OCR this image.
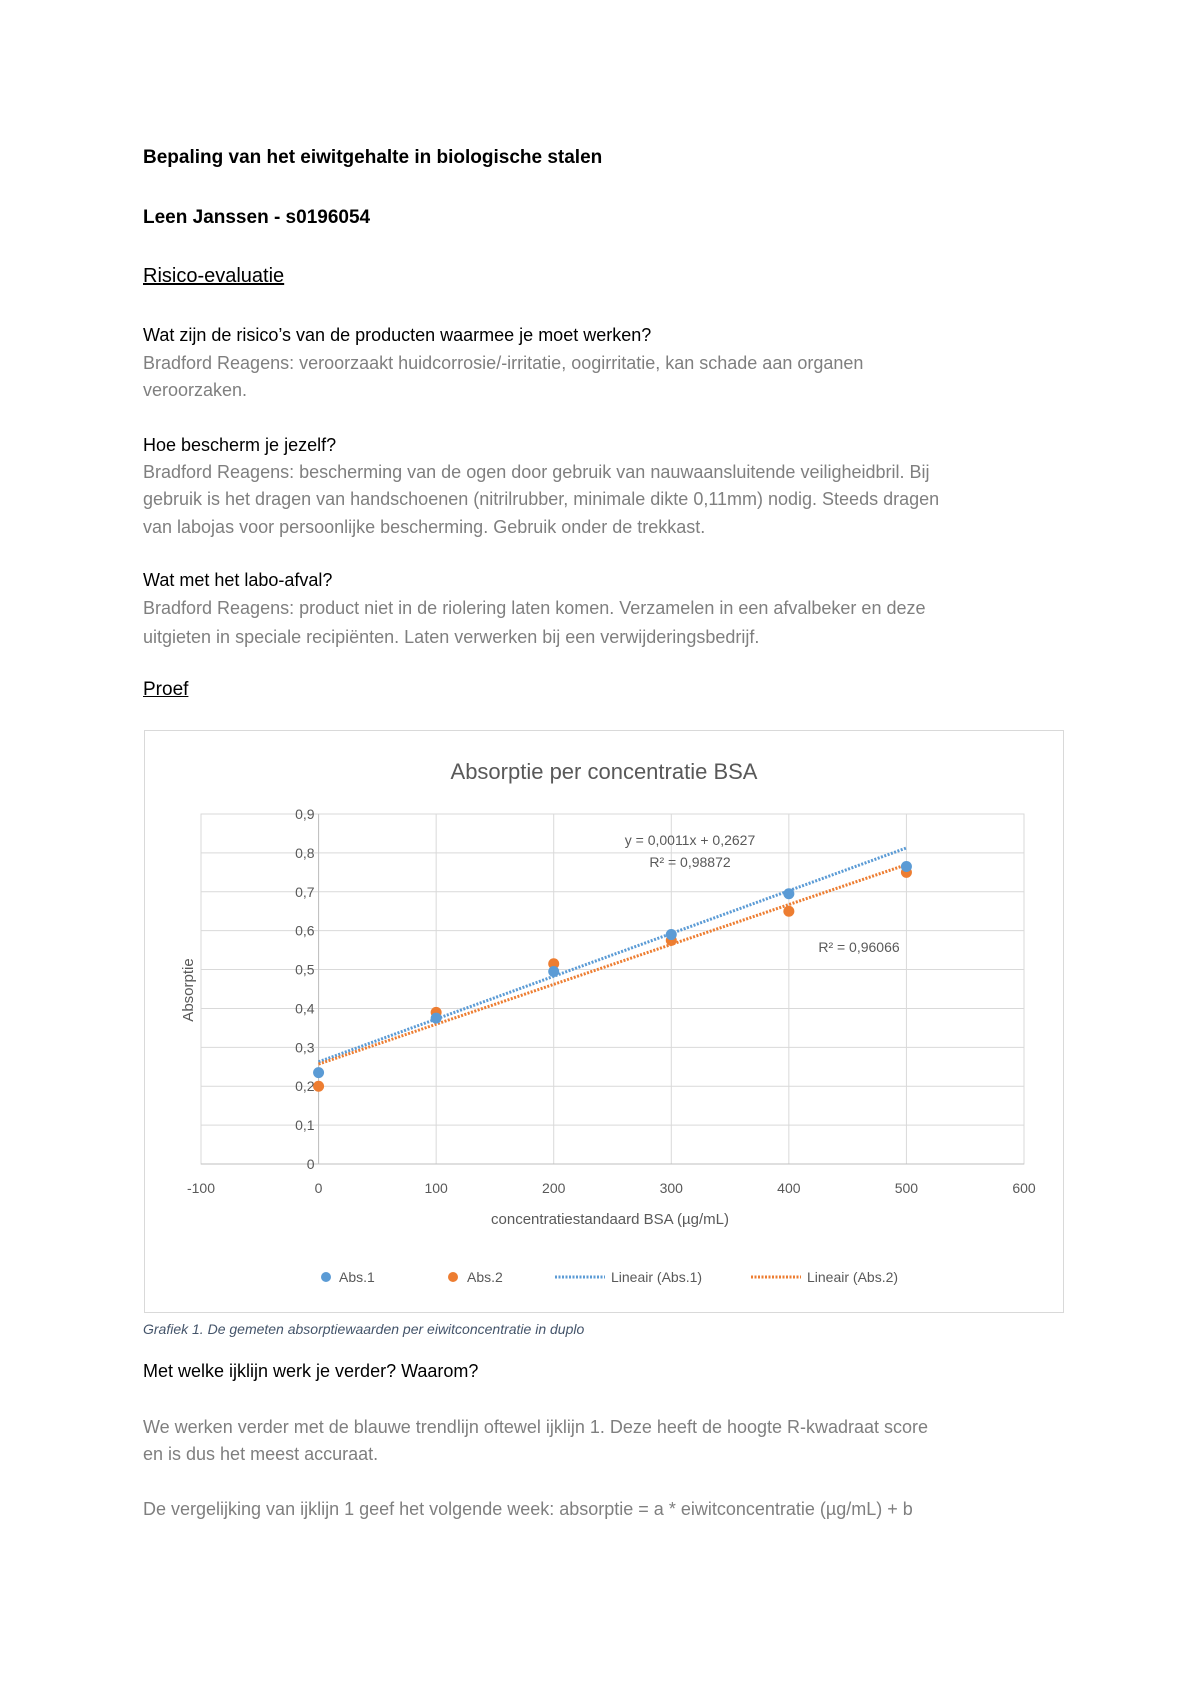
Bepaling van het eiwitgehalte in biologische stalen
Leen Janssen - s0196054
Risico-evaluatie
Wat zijn de risico’s van de producten waarmee je moet werken?
Bradford Reagens: veroorzaakt huidcorrosie/-irritatie, oogirritatie, kan schade aan organen
veroorzaken.
Hoe bescherm je jezelf?
Bradford Reagens: bescherming van de ogen door gebruik van nauwaansluitende veiligheidbril. Bij
gebruik is het dragen van handschoenen (nitrilrubber, minimale dikte 0,11mm) nodig. Steeds dragen
van labojas voor persoonlijke bescherming. Gebruik onder de trekkast.
Wat met het labo-afval?
Bradford Reagens: product niet in de riolering laten komen. Verzamelen in een afvalbeker en deze
uitgieten in speciale recipiënten. Laten verwerken bij een verwijderingsbedrijf.
Proef
Absorptie per concentratie BSA
0
0,1
0,2
0,3
0,4
0,5
0,6
0,7
0,8
0,9
-100	0	100	200	300	400	500	600
y = 0,0011x + 0,2627
R² = 0,98872
R² = 0,96066
concentratiestandaard BSA (µg/mL)
Absorptie
Abs.1	Abs.2	Lineair (Abs.1)	Lineair (Abs.2)
Grafiek 1. De gemeten absorptiewaarden per eiwitconcentratie in duplo
Met welke ijklijn werk je verder? Waarom?
We werken verder met de blauwe trendlijn oftewel ijklijn 1. Deze heeft de hoogte R-kwadraat score
en is dus het meest accuraat.
De vergelijking van ijklijn 1 geef het volgende week: absorptie = a * eiwitconcentratie (µg/mL) + b
